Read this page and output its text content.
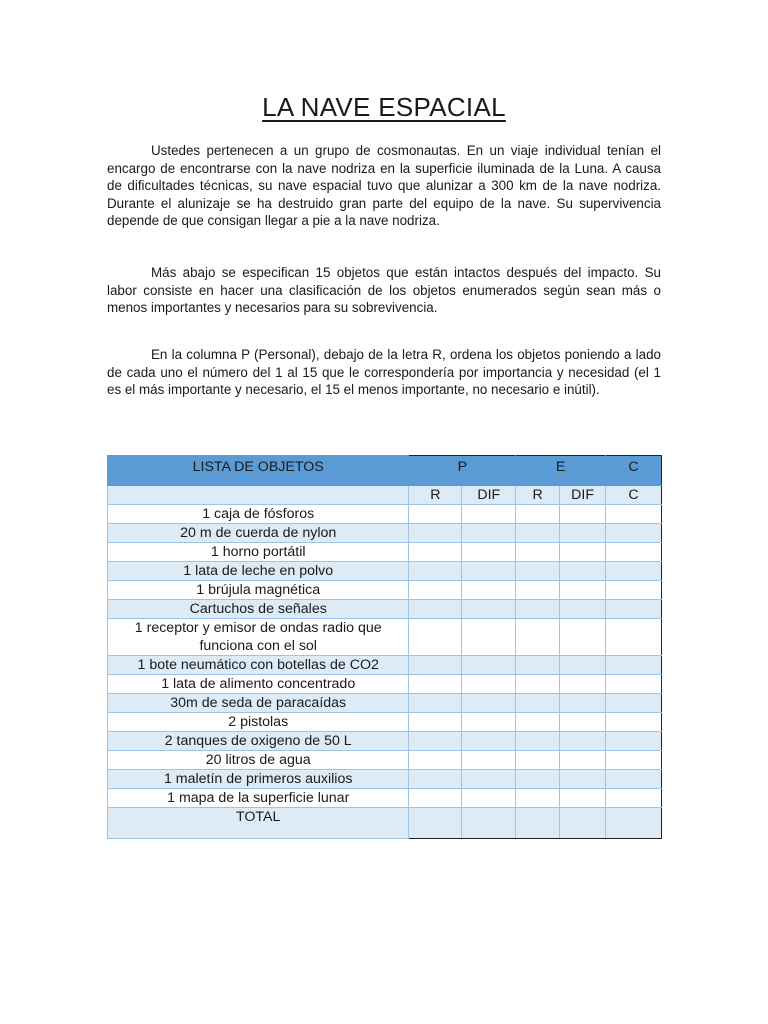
LA NAVE ESPACIAL

Ustedes pertenecen a un grupo de cosmonautas. En un viaje individual tenían el encargo de encontrarse con la nave nodriza en la superficie iluminada de la Luna. A causa de dificultades técnicas, su nave espacial tuvo que alunizar a 300 km de la nave nodriza. Durante el alunizaje se ha destruido gran parte del equipo de la nave. Su supervivencia depende de que consigan llegar a pie a la nave nodriza.

Más abajo se especifican 15 objetos que están intactos después del impacto. Su labor consiste en hacer una clasificación de los objetos enumerados según sean más o menos importantes y necesarios para su sobrevivencia.

En la columna P (Personal), debajo de la letra R, ordena los objetos poniendo a lado de cada uno el número del 1 al 15 que le correspondería por importancia y necesidad (el 1 es el más importante y necesario, el 15 el menos importante, no necesario e inútil).

LISTA DE OBJETOS	P		E		C
	R	DIF	R	DIF	C
1 caja de fósforos					
20 m de cuerda de nylon					
1 horno portátil					
1 lata de leche en polvo					
1 brújula magnética					
Cartuchos de señales					
1 receptor y emisor de ondas radio que funciona con el sol					
1 bote neumático con botellas de CO2					
1 lata de alimento concentrado					
30m de seda de paracaídas					
2 pistolas					
2 tanques de oxigeno de 50 L					
20 litros de agua					
1 maletín de primeros auxilios					
1 mapa de la superficie lunar					
TOTAL					
